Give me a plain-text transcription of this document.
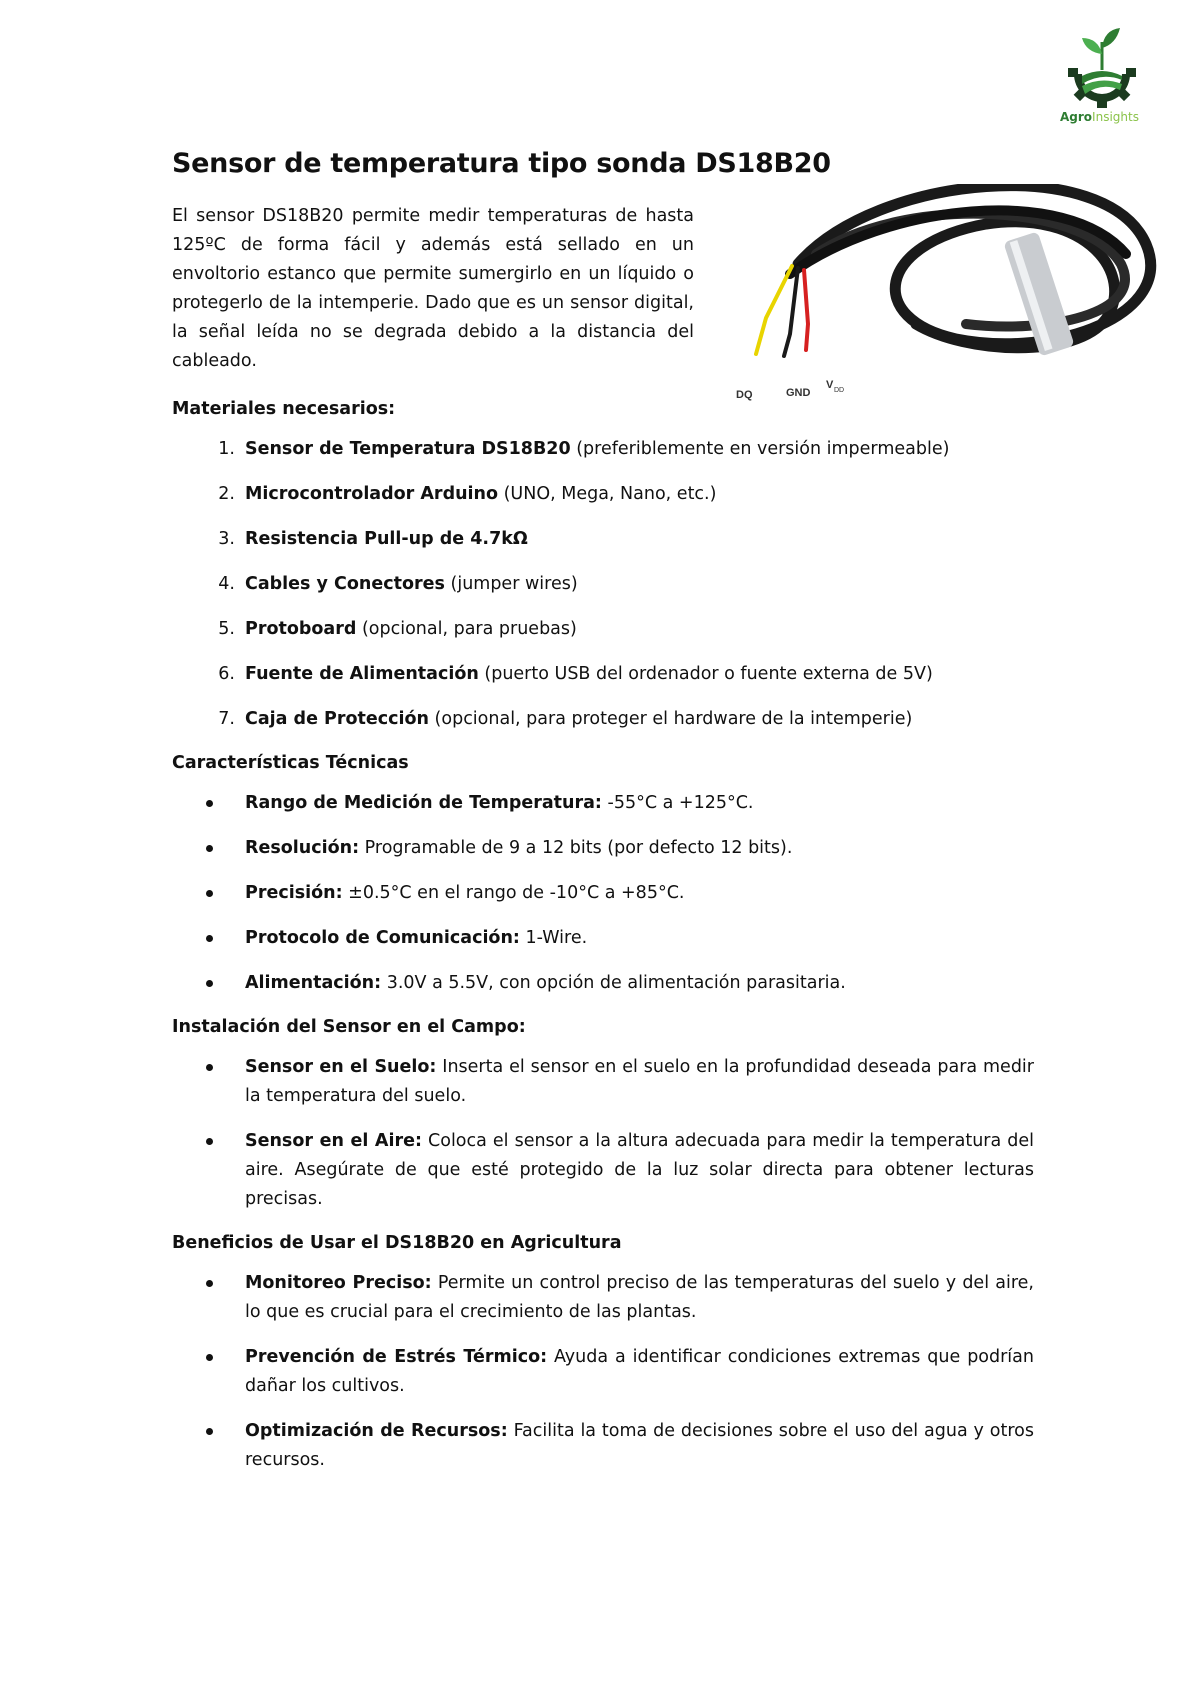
AgroInsights
Sensor de temperatura tipo sonda DS18B20

El sensor DS18B20 permite medir temperaturas de hasta 125ºC de forma fácil y además está sellado en un envoltorio estanco que permite sumergirlo en un líquido o protegerlo de la intemperie. Dado que es un sensor digital, la señal leída no se degrada debido a la distancia del cableado.

DQ	GND
V DD

Materiales necesarios:

1. Sensor de Temperatura DS18B20 (preferiblemente en versión impermeable)
2. Microcontrolador Arduino (UNO, Mega, Nano, etc.)
3. Resistencia Pull-up de 4.7kΩ
4. Cables y Conectores (jumper wires)
5. Protoboard (opcional, para pruebas)
6. Fuente de Alimentación (puerto USB del ordenador o fuente externa de 5V)
7. Caja de Protección (opcional, para proteger el hardware de la intemperie)

Características Técnicas

Rango de Medición de Temperatura: -55°C a +125°C.
Resolución: Programable de 9 a 12 bits (por defecto 12 bits).
Precisión: ±0.5°C en el rango de -10°C a +85°C.
Protocolo de Comunicación: 1-Wire.
Alimentación: 3.0V a 5.5V, con opción de alimentación parasitaria.

Instalación del Sensor en el Campo:

Sensor en el Suelo: Inserta el sensor en el suelo en la profundidad deseada para medir la temperatura del suelo.
Sensor en el Aire: Coloca el sensor a la altura adecuada para medir la temperatura del aire. Asegúrate de que esté protegido de la luz solar directa para obtener lecturas precisas.

Beneficios de Usar el DS18B20 en Agricultura

Monitoreo Preciso: Permite un control preciso de las temperaturas del suelo y del aire, lo que es crucial para el crecimiento de las plantas.
Prevención de Estrés Térmico: Ayuda a identificar condiciones extremas que podrían dañar los cultivos.
Optimización de Recursos: Facilita la toma de decisiones sobre el uso del agua y otros recursos.
